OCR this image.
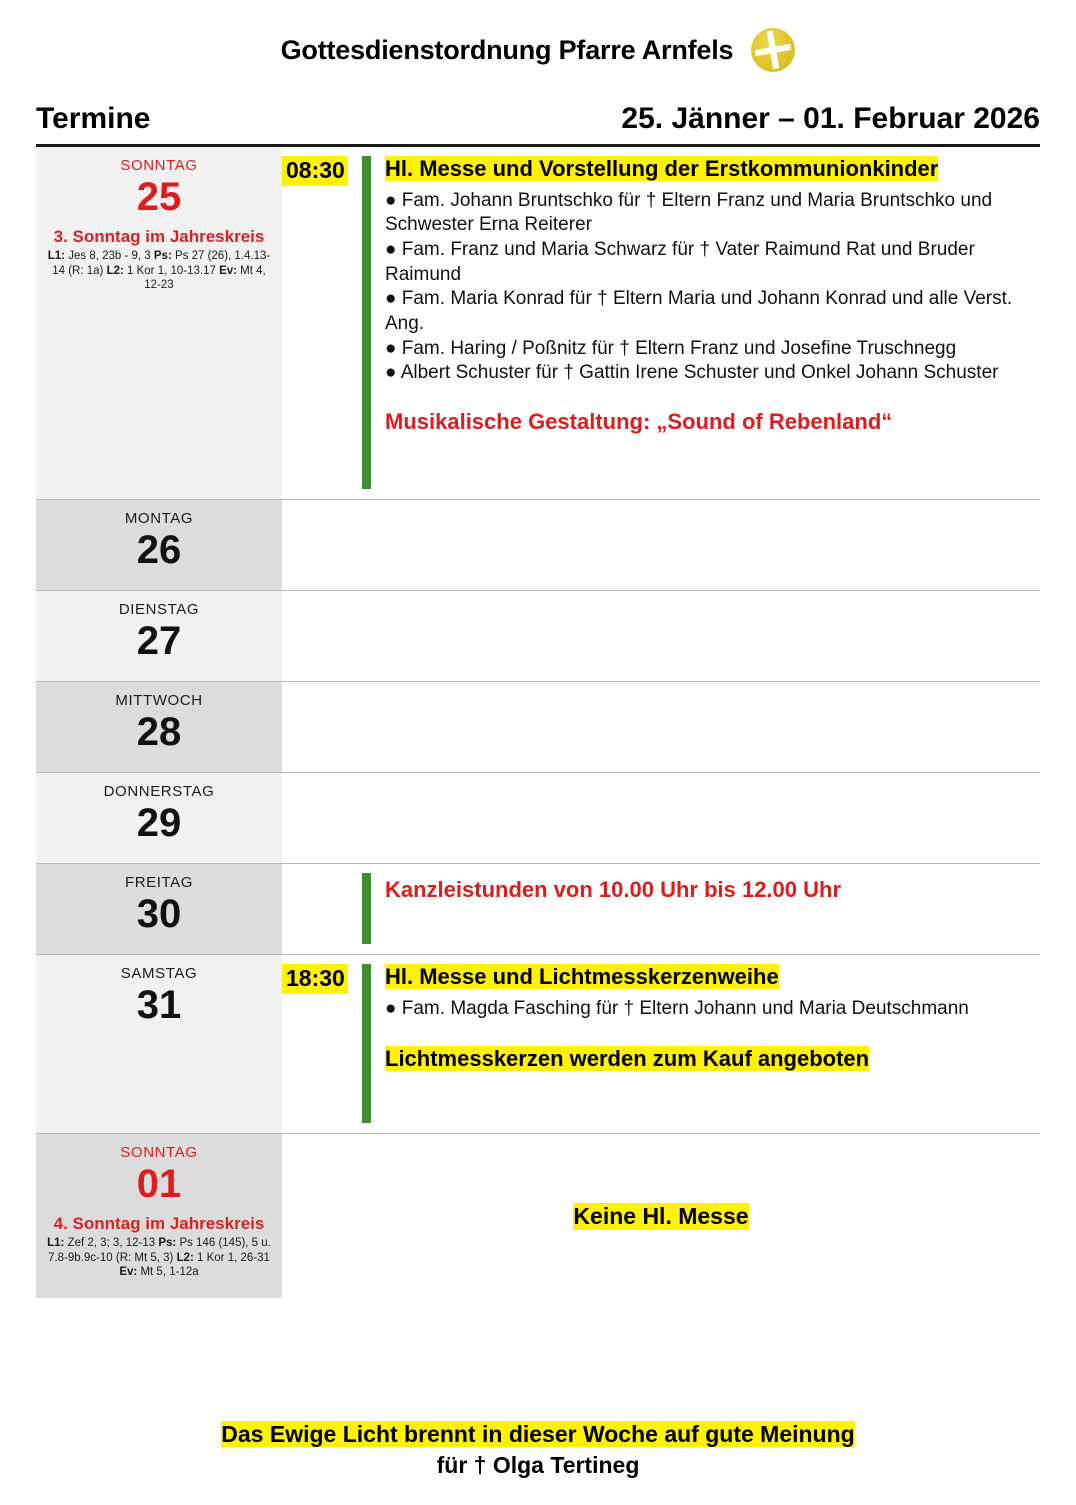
Gottesdienstordnung Pfarre Arnfels
Termine	25. Jänner – 01. Februar 2026
SONNTAG
25
3. Sonntag im Jahreskreis
L1: Jes 8, 23b - 9, 3 Ps: Ps 27 (26), 1.4.13-14 (R: 1a) L2: 1 Kor 1, 10-13.17 Ev: Mt 4, 12-23
08:30	Hl. Messe und Vorstellung der Erstkommunionkinder

● Fam. Johann Bruntschko für † Eltern Franz und Maria Bruntschko und Schwester Erna Reiterer

● Fam. Franz und Maria Schwarz für † Vater Raimund Rat und Bruder Raimund

● Fam. Maria Konrad für † Eltern Maria und Johann Konrad und alle Verst. Ang.

● Fam. Haring / Poßnitz für † Eltern Franz und Josefine Truschnegg

● Albert Schuster für † Gattin Irene Schuster und Onkel Johann Schuster

Musikalische Gestaltung: „Sound of Rebenland“
MONTAG
26
DIENSTAG
27
MITTWOCH
28
DONNERSTAG
29
FREITAG
30
Kanzleistunden von 10.00 Uhr bis 12.00 Uhr
SAMSTAG
31
18:30	Hl. Messe und Lichtmesskerzenweihe

● Fam. Magda Fasching für † Eltern Johann und Maria Deutschmann

Lichtmesskerzen werden zum Kauf angeboten
SONNTAG
01
4. Sonntag im Jahreskreis
L1: Zef 2, 3; 3, 12-13 Ps: Ps 146 (145), 5 u. 7.8-9b.9c-10 (R: Mt 5, 3) L2: 1 Kor 1, 26-31 Ev: Mt 5, 1-12a
Keine Hl. Messe
Das Ewige Licht brennt in dieser Woche auf gute Meinung
für † Olga Tertineg
